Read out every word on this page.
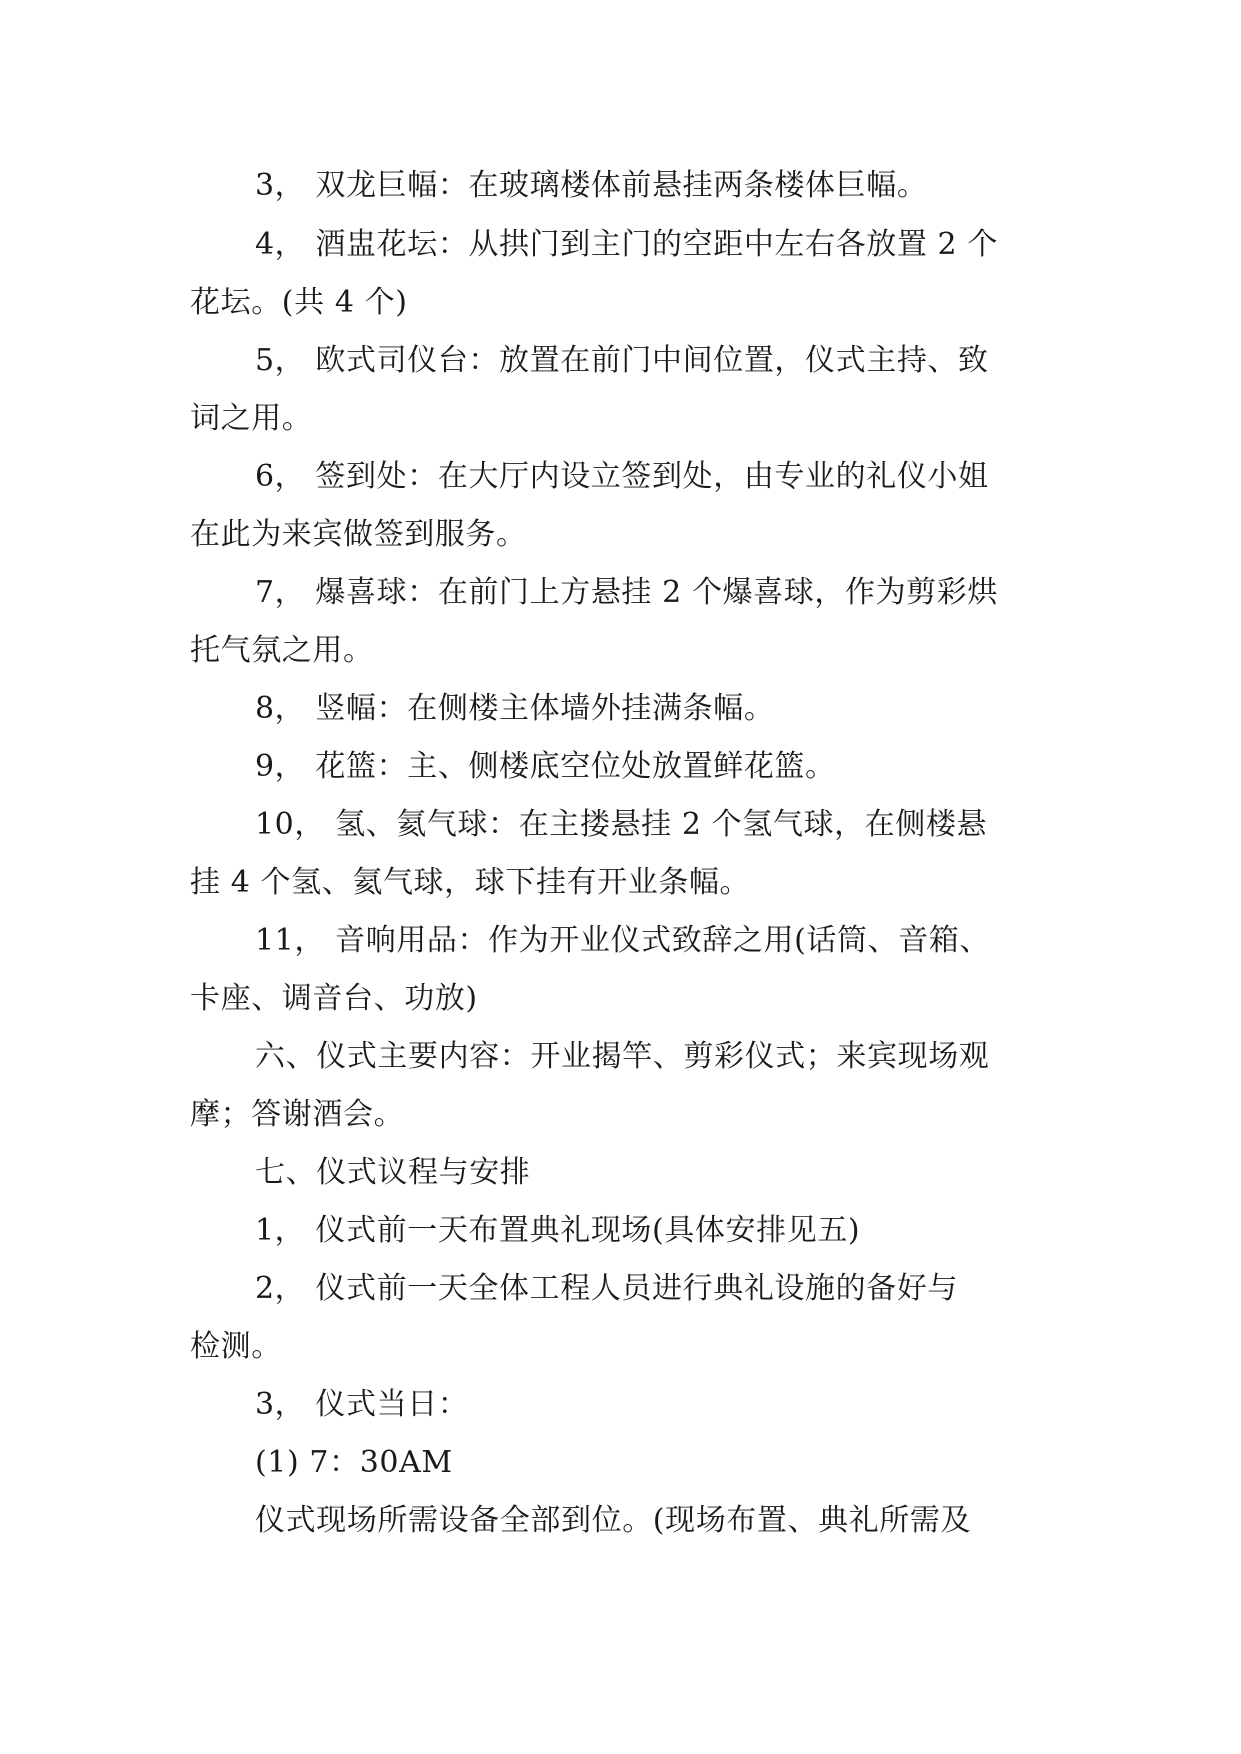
3， 双龙巨幅：在玻璃楼体前悬挂两条楼体巨幅。
4， 酒盅花坛：从拱门到主门的空距中左右各放置 2 个
花坛。(共 4 个)
5， 欧式司仪台：放置在前门中间位置，仪式主持、致
词之用。
6， 签到处：在大厅内设立签到处，由专业的礼仪小姐
在此为来宾做签到服务。
7， 爆喜球：在前门上方悬挂 2 个爆喜球，作为剪彩烘
托气氛之用。
8， 竖幅：在侧楼主体墙外挂满条幅。
9， 花篮：主、侧楼底空位处放置鲜花篮。
10， 氢、氦气球：在主搂悬挂 2 个氢气球，在侧楼悬
挂 4 个氢、氦气球，球下挂有开业条幅。
11， 音响用品：作为开业仪式致辞之用(话筒、音箱、
卡座、调音台、功放)
六、仪式主要内容：开业揭竿、剪彩仪式；来宾现场观
摩；答谢酒会。
七、仪式议程与安排
1， 仪式前一天布置典礼现场(具体安排见五)
2， 仪式前一天全体工程人员进行典礼设施的备好与
检测。
3， 仪式当日：
(1) 7：30AM
仪式现场所需设备全部到位。(现场布置、典礼所需及
